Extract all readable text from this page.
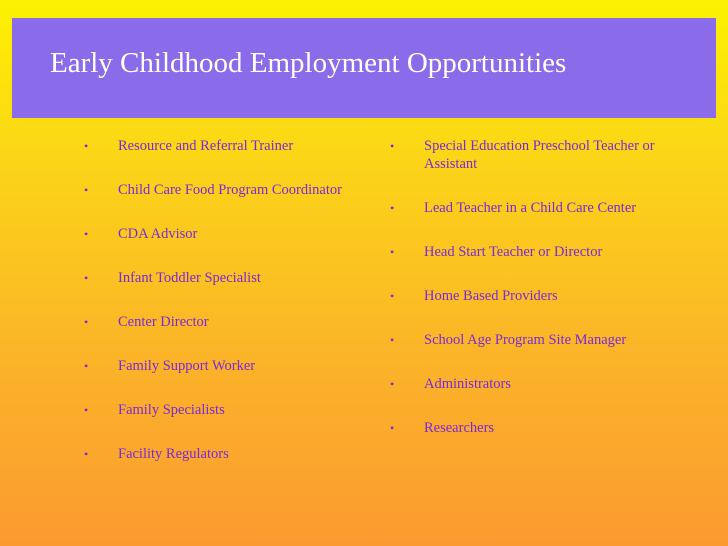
Early Childhood Employment Opportunities
•	Resource and Referral Trainer
•	Child Care Food Program Coordinator
•	CDA Advisor
•	Infant Toddler Specialist
•	Center Director
•	Family Support Worker
•	Family Specialists
•	Facility Regulators
•	Special Education Preschool Teacher or Assistant
•	Lead Teacher in a Child Care Center
•	Head Start Teacher or Director
•	Home Based Providers
•	School Age Program Site Manager
•	Administrators
•	Researchers
